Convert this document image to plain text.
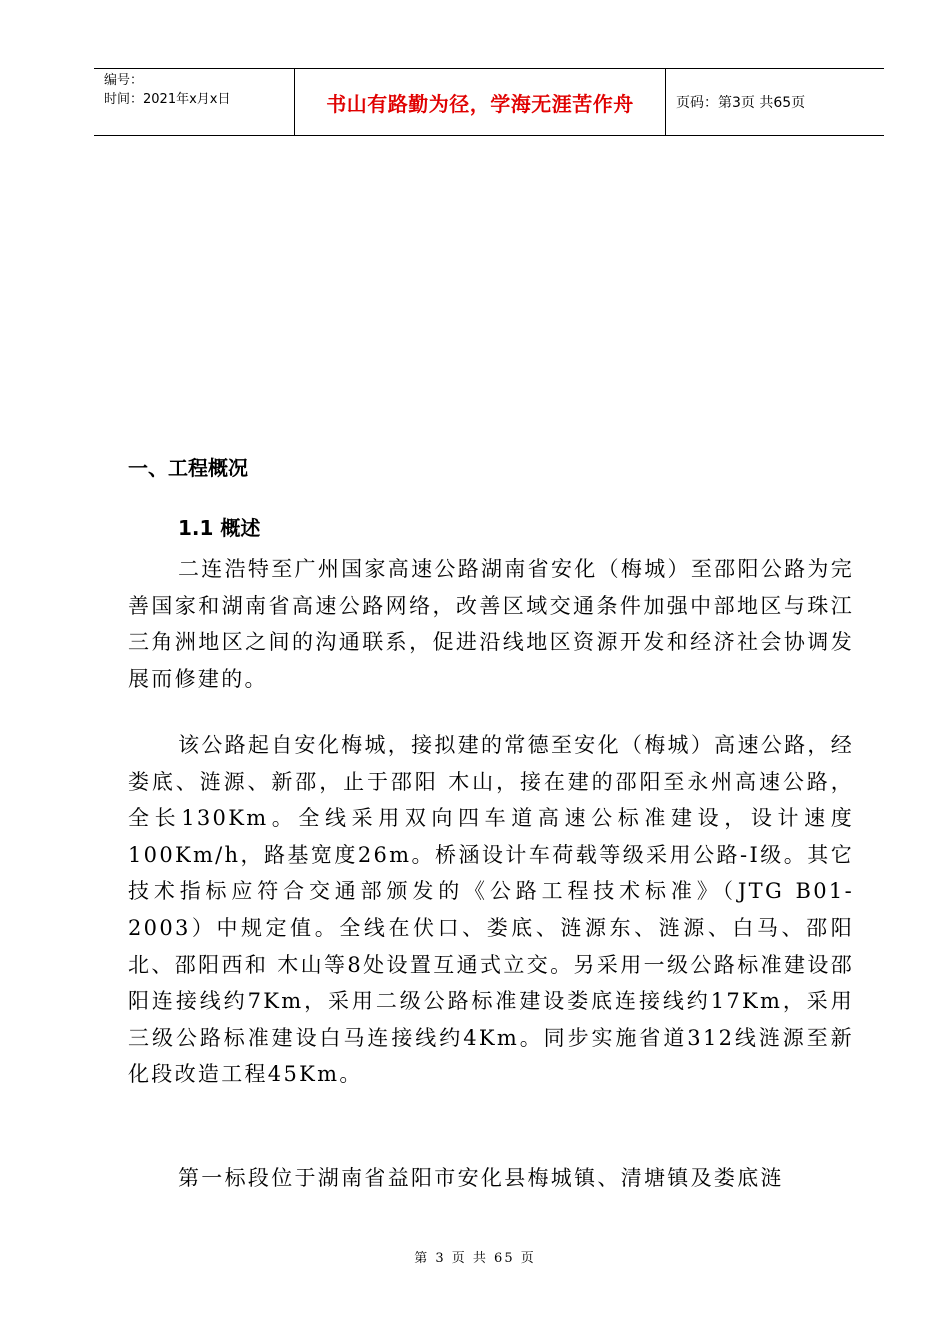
编号：
时间：2021年x月x日	书山有路勤为径，学海无涯苦作舟	页码：第3页 共65页
一、工程概况
1.1 概述

二连浩特至广州国家高速公路湖南省安化（梅城）至邵阳公路为完善国家和湖南省高速公路网络，改善区域交通条件加强中部地区与珠江三角洲地区之间的沟通联系，促进沿线地区资源开发和经济社会协调发展而修建的。

该公路起自安化梅城，接拟建的常德至安化（梅城）高速公路，经娄底、涟源、新邵，止于邵阳 木山，接在建的邵阳至永州高速公路，全长130Km。全线采用双向四车道高速公标准建设，设计速度100Km/h，路基宽度26m。桥涵设计车荷载等级采用公路-Ⅰ级。其它技术指标应符合交通部颁发的《公路工程技术标准》（JTG B01-2003）中规定值。全线在伏口、娄底、涟源东、涟源、白马、邵阳北、邵阳西和 木山等8处设置互通式立交。另采用一级公路标准建设邵阳连接线约7Km，采用二级公路标准建设娄底连接线约17Km，采用三级公路标准建设白马连接线约4Km。同步实施省道312线涟源至新化段改造工程45Km。

第一标段位于湖南省益阳市安化县梅城镇、清塘镇及娄底涟

第 3 页 共 65 页
